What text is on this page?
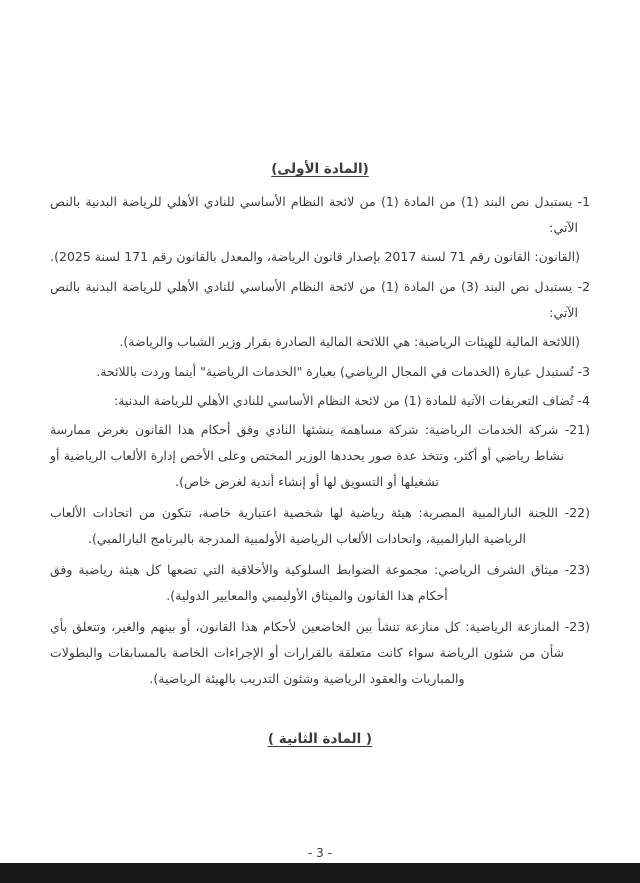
(المادة الأولى)
1- يستبدل نص البند (1) من المادة (1) من لائحة النظام الأساسي للنادي الأهلي للرياضة البدنية بالنص
الآتي:
(القانون: القانون رقم 71 لسنة 2017 بإصدار قانون الرياضة، والمعدل بالقانون رقم 171 لسنة 2025).
2- يستبدل نص البند (3) من المادة (1) من لائحة النظام الأساسي للنادي الأهلي للرياضة البدنية بالنص
الآتي:
(اللائحة المالية للهيئات الرياضية: هي اللائحة المالية الصادرة بقرار وزير الشباب والرياضة).
3- تُستبدل عبارة (الخدمات في المجال الرياضي) بعبارة "الخدمات الرياضية" أينما وردت باللائحة.
4- تُضاف التعريفات الآتية للمادة (1) من لائحة النظام الأساسي للنادي الأهلي للرياضة البدنية:
(21- شركة الخدمات الرياضية: شركة مساهمة ينشئها النادي وفق أحكام هذا القانون بغرض ممارسة نشاط رياضي أو أكثر، وتتخذ عدة صور يحددها الوزير المختص وعلى الأخص إدارة الألعاب الرياضية أو تشغيلها أو التسويق لها أو إنشاء أندية لغرض خاص).
(22- اللجنة البارالمبية المصرية: هيئة رياضية لها شخصية اعتبارية خاصة، تتكون من اتحادات الألعاب الرياضية البارالمبية، واتحادات الألعاب الرياضية الأولمبية المدرجة بالبرنامج البارالمبي).
(23- ميثاق الشرف الرياضي: مجموعة الضوابط السلوكية والأخلاقية التي تضعها كل هيئة رياضية وفق أحكام هذا القانون والميثاق الأوليمبي والمعايير الدولية).
(23- المنازعة الرياضية: كل منازعة تنشأ بين الخاضعين لأحكام هذا القانون، أو بينهم والغير، وتتعلق بأي شأن من شئون الرياضة سواء كانت متعلقة بالقرارات أو الإجراءات الخاصة بالمسابقات والبطولات والمباريات والعقود الرياضية وشئون التدريب بالهيئة الرياضية).
( المادة الثانية )
- 3 -
